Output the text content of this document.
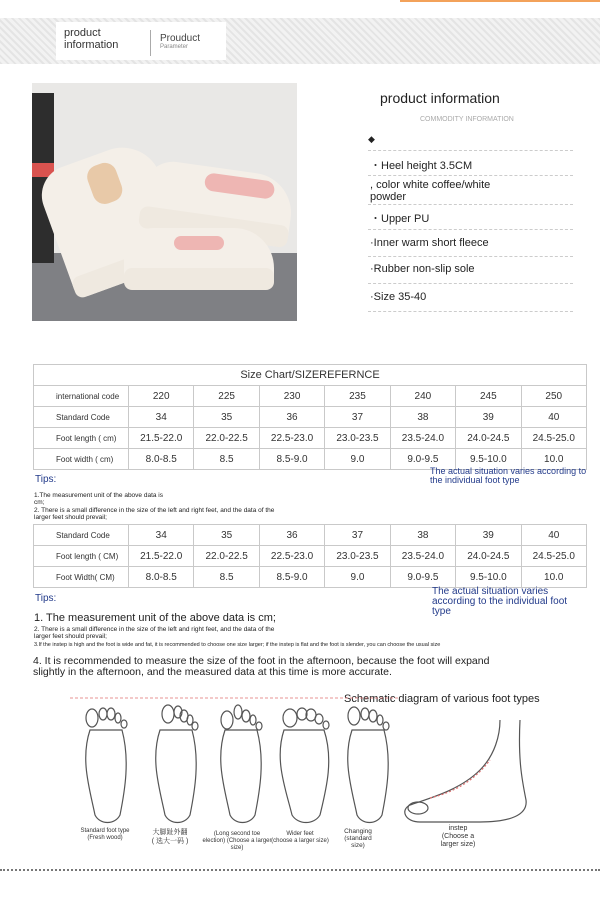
product
information
Prouduct
Parameter
product information
COMMODITY INFORMATION
◆
・Heel height 3.5CM
, color white coffee/white powder
・Upper PU
·Inner warm short fleece
·Rubber non-slip sole
·Size 35-40
Size Chart/SIZEREFERNCE							
international code	220	225	230	235	240	245	250
Standard Code	34	35	36	37	38	39	40
Foot length ( cm)	21.5-22.0	22.0-22.5	22.5-23.0	23.0-23.5	23.5-24.0	24.0-24.5	24.5-25.0
Foot width ( cm)	8.0-8.5	8.5	8.5-9.0	9.0	9.0-9.5	9.5-10.0	10.0
Tips:
The actual situation varies according to the individual foot type
1.The measurement unit of the above data is cm;
2. There is a small difference in the size of the left and right feet, and the data of the larger feet should prevail;
Standard Code	34	35	36	37	38	39	40
Foot length ( CM)	21.5-22.0	22.0-22.5	22.5-23.0	23.0-23.5	23.5-24.0	24.0-24.5	24.5-25.0
Foot Width( CM)	8.0-8.5	8.5	8.5-9.0	9.0	9.0-9.5	9.5-10.0	10.0
Tips:
The actual situation varies according to the individual foot type
1. The measurement unit of the above data is cm;
2. There is a small difference in the size of the left and right feet, and the data of the larger feet should prevail;
3.If the instep is high and the foot is wide and fat, it is recommended to choose one size larger; if the instep is flat and the foot is slender, you can choose the usual size
4. It is recommended to measure the size of the foot in the afternoon, because the foot will expand slightly in the afternoon, and the measured data at this time is more accurate.
Schematic diagram of various foot types
Standard foot type
(Fresh wood)
大脚趾外翻
( 选大一码 )
(Long second toe
election) (Choose a larger size)
Wider feet
(choose a larger size)
Changing
(standard
size)
instep
(Choose a
larger size)
